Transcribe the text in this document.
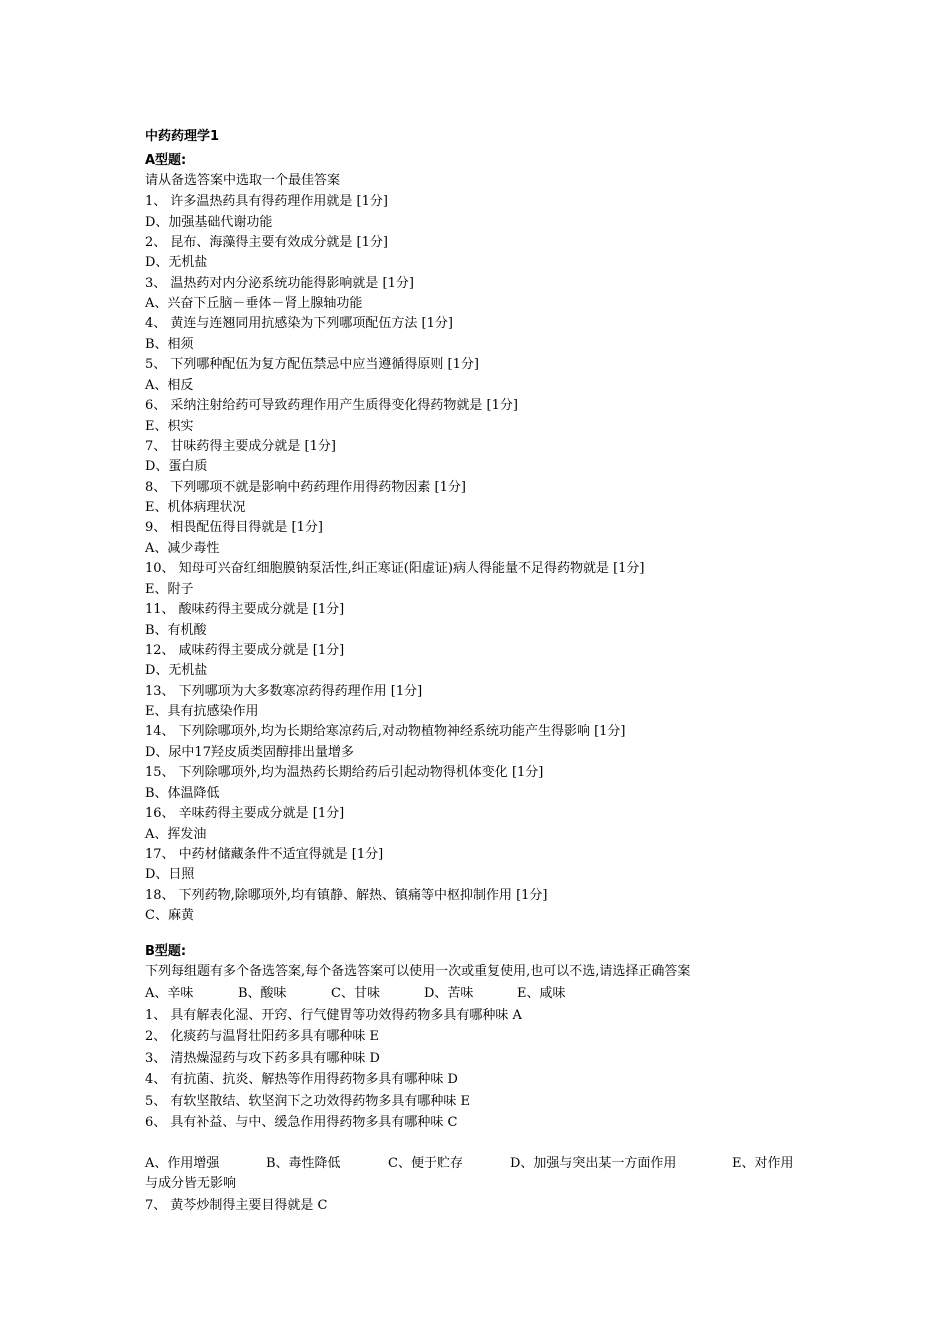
中药药理学1
A型题:
请从备选答案中选取一个最佳答案
1、 许多温热药具有得药理作用就是 [1分]
D、加强基础代谢功能
2、 昆布、海藻得主要有效成分就是 [1分]
D、无机盐
3、 温热药对内分泌系统功能得影响就是 [1分]
A、兴奋下丘脑－垂体－肾上腺轴功能
4、 黄连与连翘同用抗感染为下列哪项配伍方法 [1分]
B、相须
5、 下列哪种配伍为复方配伍禁忌中应当遵循得原则 [1分]
A、相反
6、 采纳注射给药可导致药理作用产生质得变化得药物就是 [1分]
E、枳实
7、 甘味药得主要成分就是 [1分]
D、蛋白质
8、 下列哪项不就是影响中药药理作用得药物因素 [1分]
E、机体病理状况
9、 相畏配伍得目得就是 [1分]
A、减少毒性
10、 知母可兴奋红细胞膜钠泵活性,纠正寒证(阳虚证)病人得能量不足得药物就是 [1分]
E、附子
11、 酸味药得主要成分就是 [1分]
B、有机酸
12、 咸味药得主要成分就是 [1分]
D、无机盐
13、 下列哪项为大多数寒凉药得药理作用 [1分]
E、具有抗感染作用
14、 下列除哪项外,均为长期给寒凉药后,对动物植物神经系统功能产生得影响 [1分]
D、尿中17羟皮质类固醇排出量增多
15、 下列除哪项外,均为温热药长期给药后引起动物得机体变化 [1分]
B、体温降低
16、 辛味药得主要成分就是 [1分]
A、挥发油
17、 中药材储藏条件不适宜得就是 [1分]
D、日照
18、 下列药物,除哪项外,均有镇静、解热、镇痛等中枢抑制作用 [1分]
C、麻黄
B型题:
下列每组题有多个备选答案,每个备选答案可以使用一次或重复使用,也可以不选,请选择正确答案
A、辛味	B、酸味	C、甘味	D、苦味	E、咸味
1、 具有解表化湿、开窍、行气健胃等功效得药物多具有哪种味 A
2、 化痰药与温肾壮阳药多具有哪种味 E
3、 清热燥湿药与攻下药多具有哪种味 D
4、 有抗菌、抗炎、解热等作用得药物多具有哪种味 D
5、 有软坚散结、软坚润下之功效得药物多具有哪种味 E
6、 具有补益、与中、缓急作用得药物多具有哪种味 C
A、作用增强	B、毒性降低	C、便于贮存	D、加强与突出某一方面作用	E、对作用
与成分皆无影响
7、 黄芩炒制得主要目得就是 C
